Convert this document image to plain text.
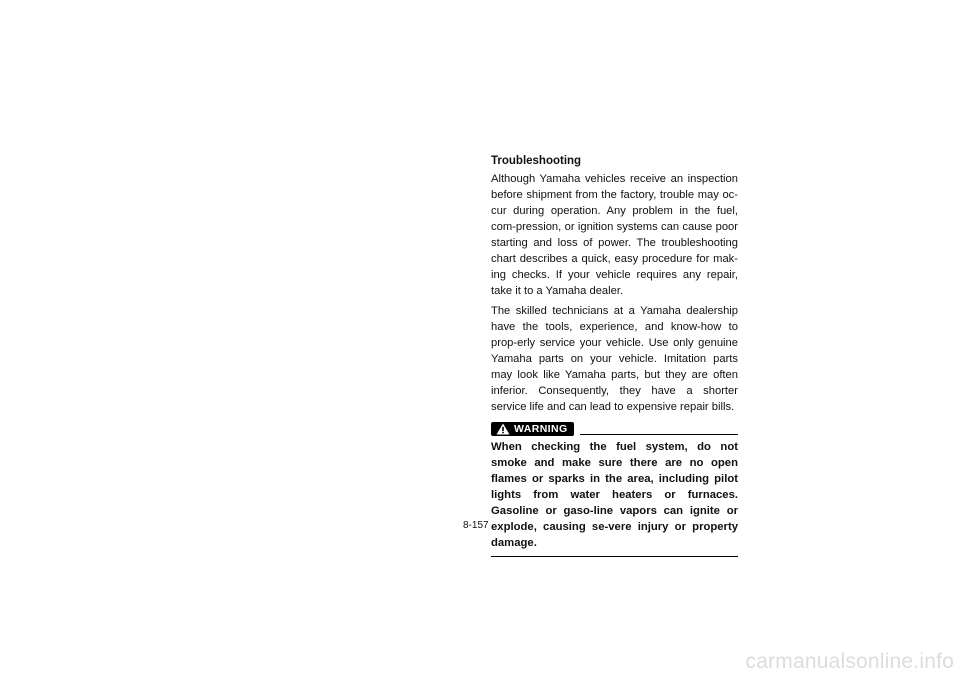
Troubleshooting

Although Yamaha vehicles receive an inspection before shipment from the factory, trouble may oc-cur during operation. Any problem in the fuel, com-pression, or ignition systems can cause poor starting and loss of power. The troubleshooting chart describes a quick, easy procedure for mak-ing checks. If your vehicle requires any repair, take it to a Yamaha dealer.

The skilled technicians at a Yamaha dealership have the tools, experience, and know-how to prop-erly service your vehicle. Use only genuine Yamaha parts on your vehicle. Imitation parts may look like Yamaha parts, but they are often inferior. Consequently, they have a shorter service life and can lead to expensive repair bills.

WARNING

When checking the fuel system, do not smoke and make sure there are no open flames or sparks in the area, including pilot lights from water heaters or furnaces. Gasoline or gaso-line vapors can ignite or explode, causing se-vere injury or property damage.

8-157
carmanualsonline.info
